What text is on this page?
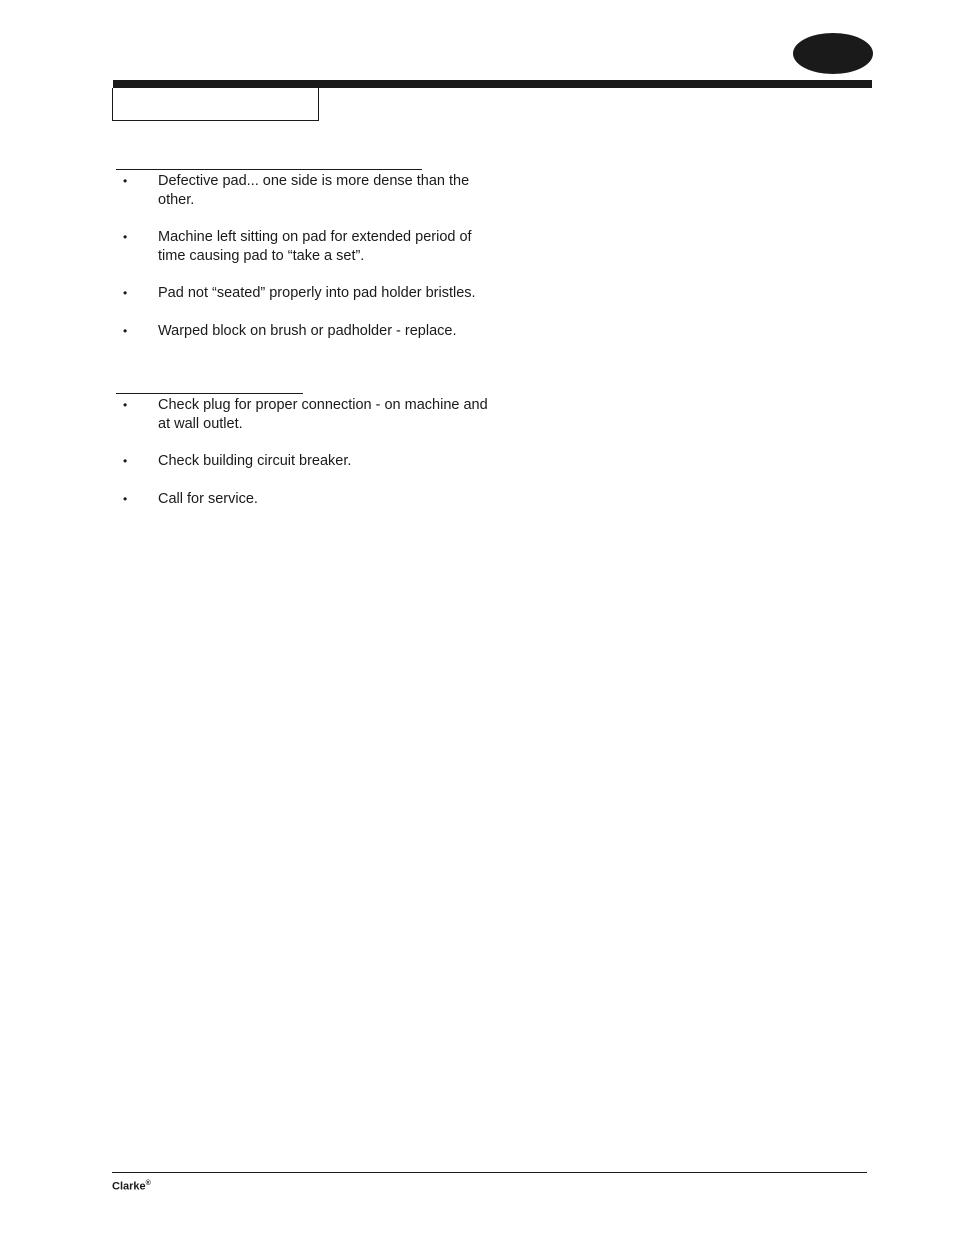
• Defective pad... one side is more dense than the other.
• Machine left sitting on pad for extended period of time causing pad to “take a set”.
• Pad not “seated” properly into pad holder bristles.
• Warped block on brush or padholder - replace.
• Check plug for proper connection - on machine and at wall outlet.
• Check building circuit breaker.
• Call for service.
Clarke®
